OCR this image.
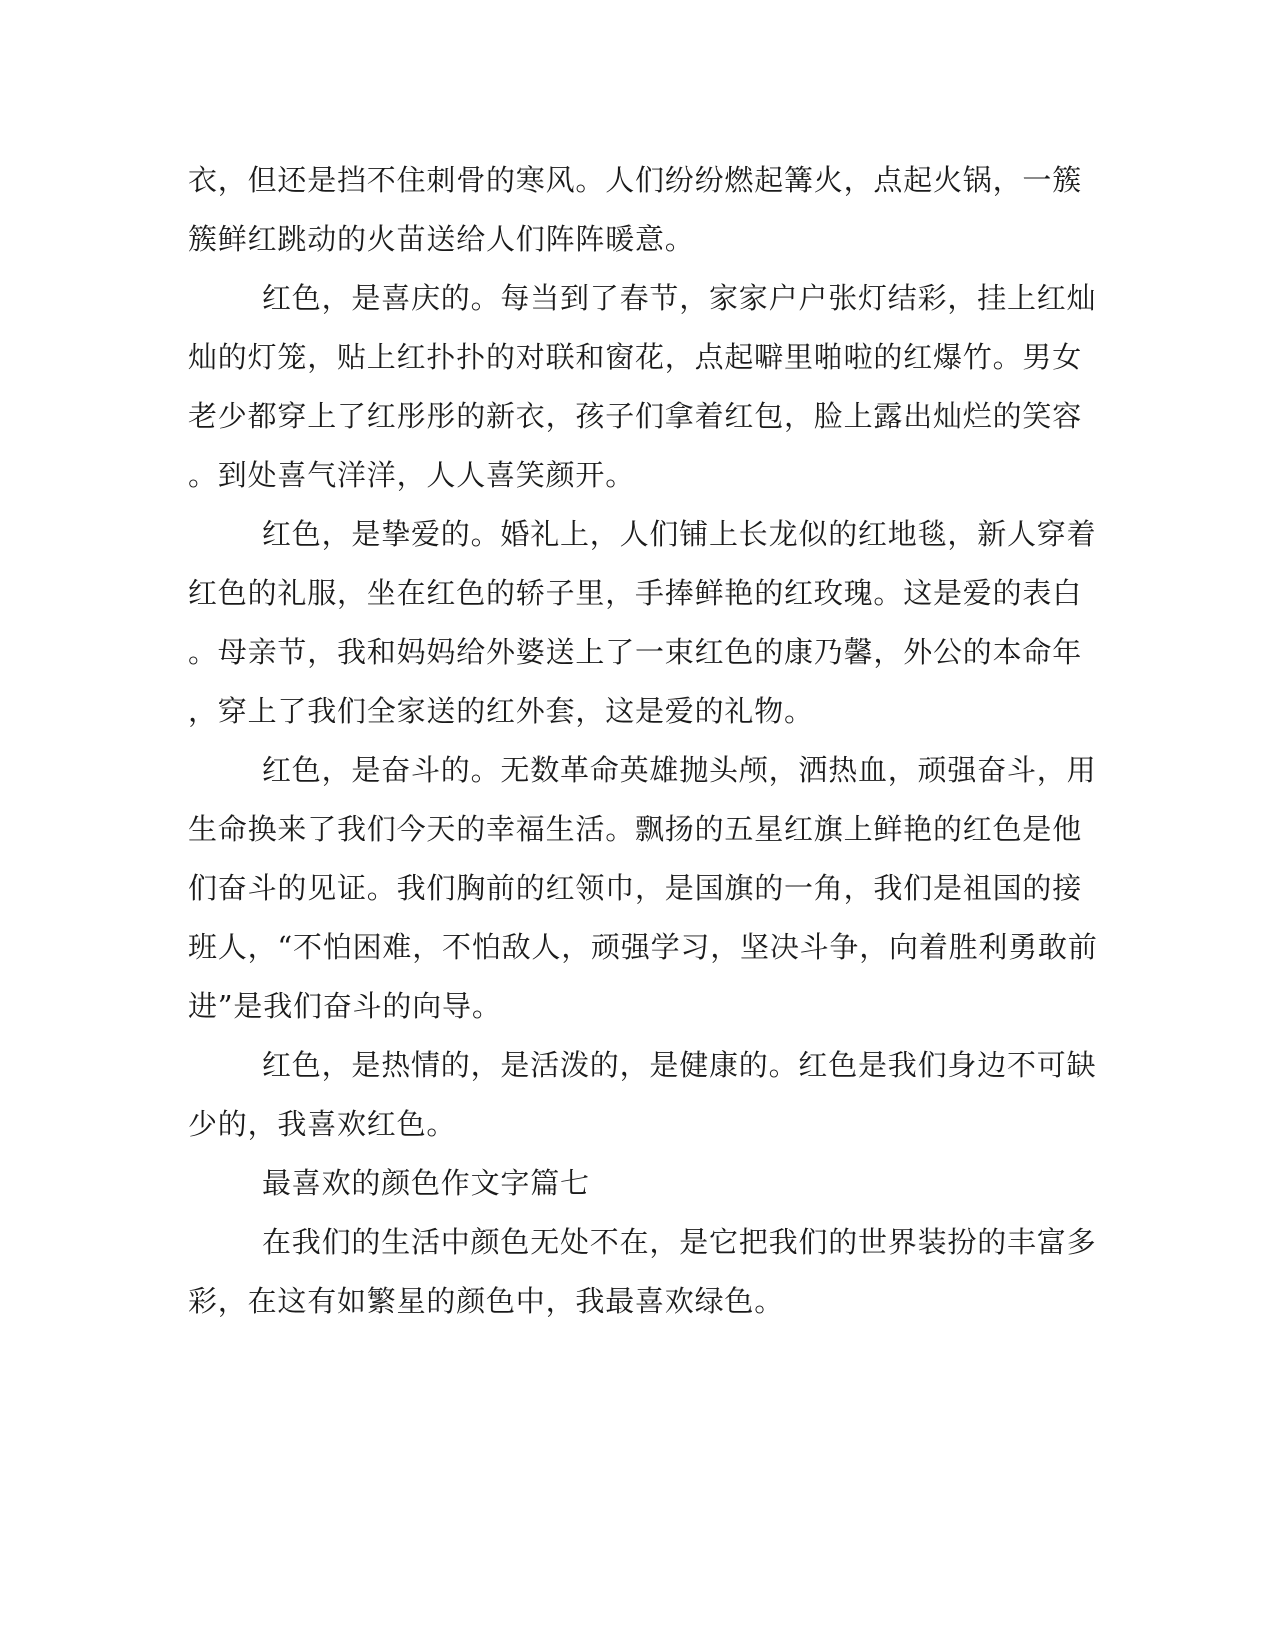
衣，但还是挡不住刺骨的寒风。人们纷纷燃起篝火，点起火锅，一簇
簇鲜红跳动的火苗送给人们阵阵暖意。
红色，是喜庆的。每当到了春节，家家户户张灯结彩，挂上红灿
灿的灯笼，贴上红扑扑的对联和窗花，点起噼里啪啦的红爆竹。男女
老少都穿上了红彤彤的新衣，孩子们拿着红包，脸上露出灿烂的笑容
。到处喜气洋洋，人人喜笑颜开。
红色，是挚爱的。婚礼上，人们铺上长龙似的红地毯，新人穿着
红色的礼服，坐在红色的轿子里，手捧鲜艳的红玫瑰。这是爱的表白
。母亲节，我和妈妈给外婆送上了一束红色的康乃馨，外公的本命年
，穿上了我们全家送的红外套，这是爱的礼物。
红色，是奋斗的。无数革命英雄抛头颅，洒热血，顽强奋斗，用
生命换来了我们今天的幸福生活。飘扬的五星红旗上鲜艳的红色是他
们奋斗的见证。我们胸前的红领巾，是国旗的一角，我们是祖国的接
班人，“不怕困难，不怕敌人，顽强学习，坚决斗争，向着胜利勇敢前
进”是我们奋斗的向导。
红色，是热情的，是活泼的，是健康的。红色是我们身边不可缺
少的，我喜欢红色。
最喜欢的颜色作文字篇七
在我们的生活中颜色无处不在，是它把我们的世界装扮的丰富多
彩，在这有如繁星的颜色中，我最喜欢绿色。
